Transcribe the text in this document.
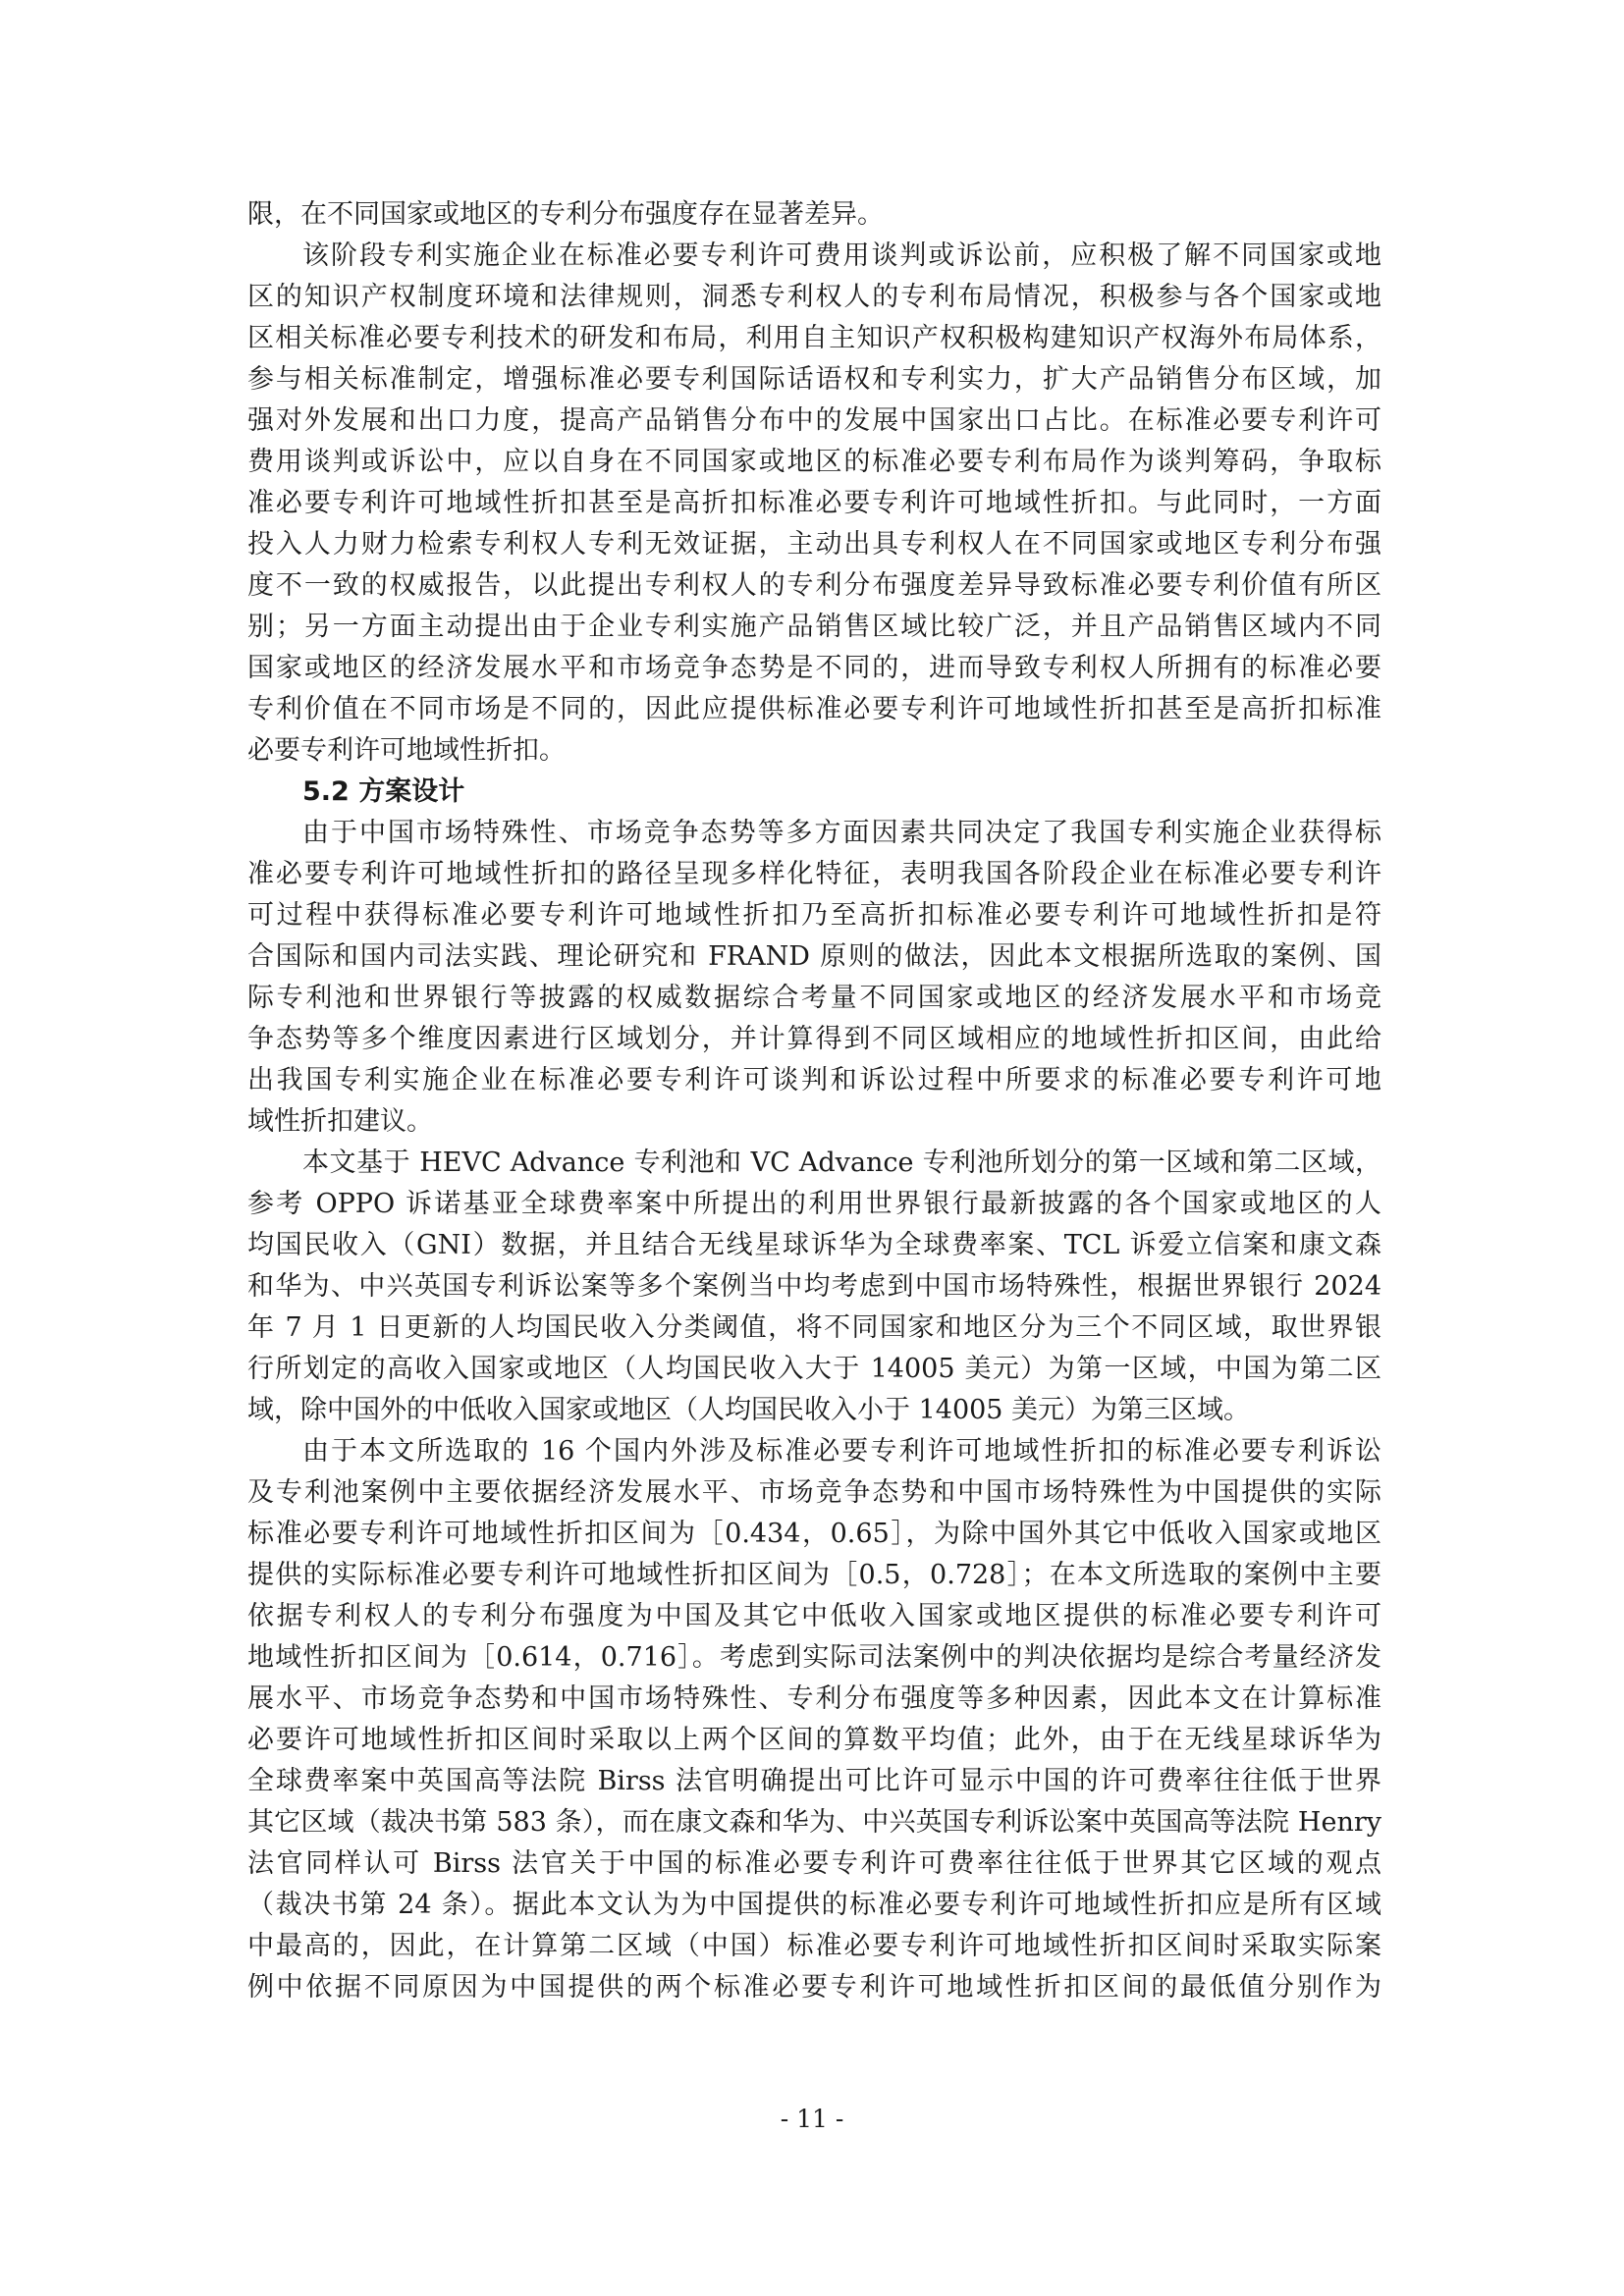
限，在不同国家或地区的专利分布强度存在显著差异。
该阶段专利实施企业在标准必要专利许可费用谈判或诉讼前，应积极了解不同国家或地
区的知识产权制度环境和法律规则，洞悉专利权人的专利布局情况，积极参与各个国家或地
区相关标准必要专利技术的研发和布局，利用自主知识产权积极构建知识产权海外布局体系，
参与相关标准制定，增强标准必要专利国际话语权和专利实力，扩大产品销售分布区域，加
强对外发展和出口力度，提高产品销售分布中的发展中国家出口占比。在标准必要专利许可
费用谈判或诉讼中，应以自身在不同国家或地区的标准必要专利布局作为谈判筹码，争取标
准必要专利许可地域性折扣甚至是高折扣标准必要专利许可地域性折扣。与此同时，一方面
投入人力财力检索专利权人专利无效证据，主动出具专利权人在不同国家或地区专利分布强
度不一致的权威报告，以此提出专利权人的专利分布强度差异导致标准必要专利价值有所区
别；另一方面主动提出由于企业专利实施产品销售区域比较广泛，并且产品销售区域内不同
国家或地区的经济发展水平和市场竞争态势是不同的，进而导致专利权人所拥有的标准必要
专利价值在不同市场是不同的，因此应提供标准必要专利许可地域性折扣甚至是高折扣标准
必要专利许可地域性折扣。
5.2 方案设计
由于中国市场特殊性、市场竞争态势等多方面因素共同决定了我国专利实施企业获得标
准必要专利许可地域性折扣的路径呈现多样化特征，表明我国各阶段企业在标准必要专利许
可过程中获得标准必要专利许可地域性折扣乃至高折扣标准必要专利许可地域性折扣是符
合国际和国内司法实践、理论研究和 FRAND 原则的做法，因此本文根据所选取的案例、国
际专利池和世界银行等披露的权威数据综合考量不同国家或地区的经济发展水平和市场竞
争态势等多个维度因素进行区域划分，并计算得到不同区域相应的地域性折扣区间，由此给
出我国专利实施企业在标准必要专利许可谈判和诉讼过程中所要求的标准必要专利许可地
域性折扣建议。
本文基于 HEVC Advance 专利池和 VC Advance 专利池所划分的第一区域和第二区域，
参考 OPPO 诉诺基亚全球费率案中所提出的利用世界银行最新披露的各个国家或地区的人
均国民收入（GNI）数据，并且结合无线星球诉华为全球费率案、TCL 诉爱立信案和康文森
和华为、中兴英国专利诉讼案等多个案例当中均考虑到中国市场特殊性，根据世界银行 2024
年 7 月 1 日更新的人均国民收入分类阈值，将不同国家和地区分为三个不同区域，取世界银
行所划定的高收入国家或地区（人均国民收入大于 14005 美元）为第一区域，中国为第二区
域，除中国外的中低收入国家或地区（人均国民收入小于 14005 美元）为第三区域。
由于本文所选取的 16 个国内外涉及标准必要专利许可地域性折扣的标准必要专利诉讼
及专利池案例中主要依据经济发展水平、市场竞争态势和中国市场特殊性为中国提供的实际
标准必要专利许可地域性折扣区间为［0.434，0.65］，为除中国外其它中低收入国家或地区
提供的实际标准必要专利许可地域性折扣区间为［0.5，0.728］；在本文所选取的案例中主要
依据专利权人的专利分布强度为中国及其它中低收入国家或地区提供的标准必要专利许可
地域性折扣区间为［0.614，0.716］。考虑到实际司法案例中的判决依据均是综合考量经济发
展水平、市场竞争态势和中国市场特殊性、专利分布强度等多种因素，因此本文在计算标准
必要许可地域性折扣区间时采取以上两个区间的算数平均值；此外，由于在无线星球诉华为
全球费率案中英国高等法院 Birss 法官明确提出可比许可显示中国的许可费率往往低于世界
其它区域（裁决书第 583 条），而在康文森和华为、中兴英国专利诉讼案中英国高等法院 Henry
法官同样认可 Birss 法官关于中国的标准必要专利许可费率往往低于世界其它区域的观点
（裁决书第 24 条）。据此本文认为为中国提供的标准必要专利许可地域性折扣应是所有区域
中最高的，因此，在计算第二区域（中国）标准必要专利许可地域性折扣区间时采取实际案
例中依据不同原因为中国提供的两个标准必要专利许可地域性折扣区间的最低值分别作为
- 11 -
